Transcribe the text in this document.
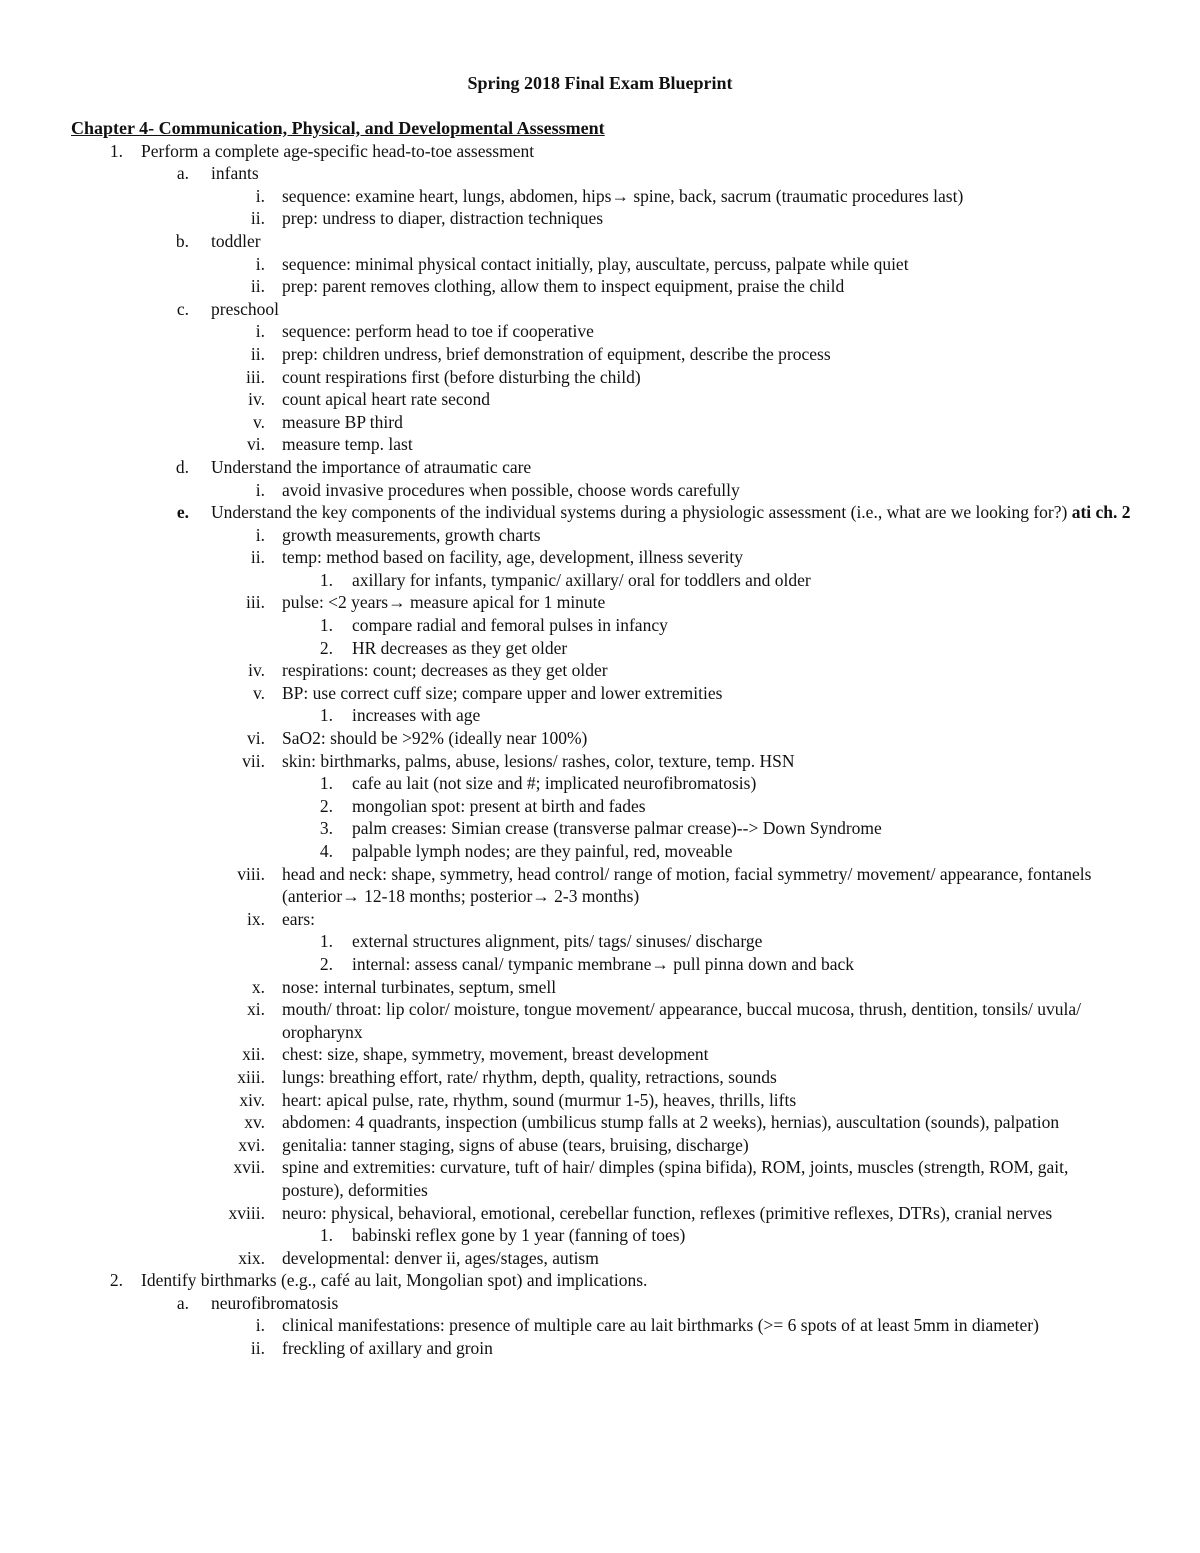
Spring 2018 Final Exam Blueprint
Chapter 4- Communication, Physical, and Developmental Assessment
1. Perform a complete age-specific head-to-toe assessment
a. infants
i. sequence: examine heart, lungs, abdomen, hips→ spine, back, sacrum (traumatic procedures last)
ii. prep: undress to diaper, distraction techniques
b. toddler
i. sequence: minimal physical contact initially, play, auscultate, percuss, palpate while quiet
ii. prep: parent removes clothing, allow them to inspect equipment, praise the child
c. preschool
i. sequence: perform head to toe if cooperative
ii. prep: children undress, brief demonstration of equipment, describe the process
iii. count respirations first (before disturbing the child)
iv. count apical heart rate second
v. measure BP third
vi. measure temp. last
d. Understand the importance of atraumatic care
i. avoid invasive procedures when possible, choose words carefully
e. Understand the key components of the individual systems during a physiologic assessment (i.e., what are we looking for?) ati ch. 2
i. growth measurements, growth charts
ii. temp: method based on facility, age, development, illness severity
1. axillary for infants, tympanic/ axillary/ oral for toddlers and older
iii. pulse: <2 years→ measure apical for 1 minute
1. compare radial and femoral pulses in infancy
2. HR decreases as they get older
iv. respirations: count; decreases as they get older
v. BP: use correct cuff size; compare upper and lower extremities
1. increases with age
vi. SaO2: should be >92% (ideally near 100%)
vii. skin: birthmarks, palms, abuse, lesions/ rashes, color, texture, temp. HSN
1. cafe au lait (not size and #; implicated neurofibromatosis)
2. mongolian spot: present at birth and fades
3. palm creases: Simian crease (transverse palmar crease)--> Down Syndrome
4. palpable lymph nodes; are they painful, red, moveable
viii. head and neck: shape, symmetry, head control/ range of motion, facial symmetry/ movement/ appearance, fontanels (anterior→ 12-18 months; posterior→ 2-3 months)
ix. ears:
1. external structures alignment, pits/ tags/ sinuses/ discharge
2. internal: assess canal/ tympanic membrane→ pull pinna down and back
x. nose: internal turbinates, septum, smell
xi. mouth/ throat: lip color/ moisture, tongue movement/ appearance, buccal mucosa, thrush, dentition, tonsils/ uvula/ oropharynx
xii. chest: size, shape, symmetry, movement, breast development
xiii. lungs: breathing effort, rate/ rhythm, depth, quality, retractions, sounds
xiv. heart: apical pulse, rate, rhythm, sound (murmur 1-5), heaves, thrills, lifts
xv. abdomen: 4 quadrants, inspection (umbilicus stump falls at 2 weeks), hernias), auscultation (sounds), palpation
xvi. genitalia: tanner staging, signs of abuse (tears, bruising, discharge)
xvii. spine and extremities: curvature, tuft of hair/ dimples (spina bifida), ROM, joints, muscles (strength, ROM, gait, posture), deformities
xviii. neuro: physical, behavioral, emotional, cerebellar function, reflexes (primitive reflexes, DTRs), cranial nerves
1. babinski reflex gone by 1 year (fanning of toes)
xix. developmental: denver ii, ages/stages, autism
2. Identify birthmarks (e.g., café au lait, Mongolian spot) and implications.
a. neurofibromatosis
i. clinical manifestations: presence of multiple care au lait birthmarks (>= 6 spots of at least 5mm in diameter)
ii. freckling of axillary and groin
